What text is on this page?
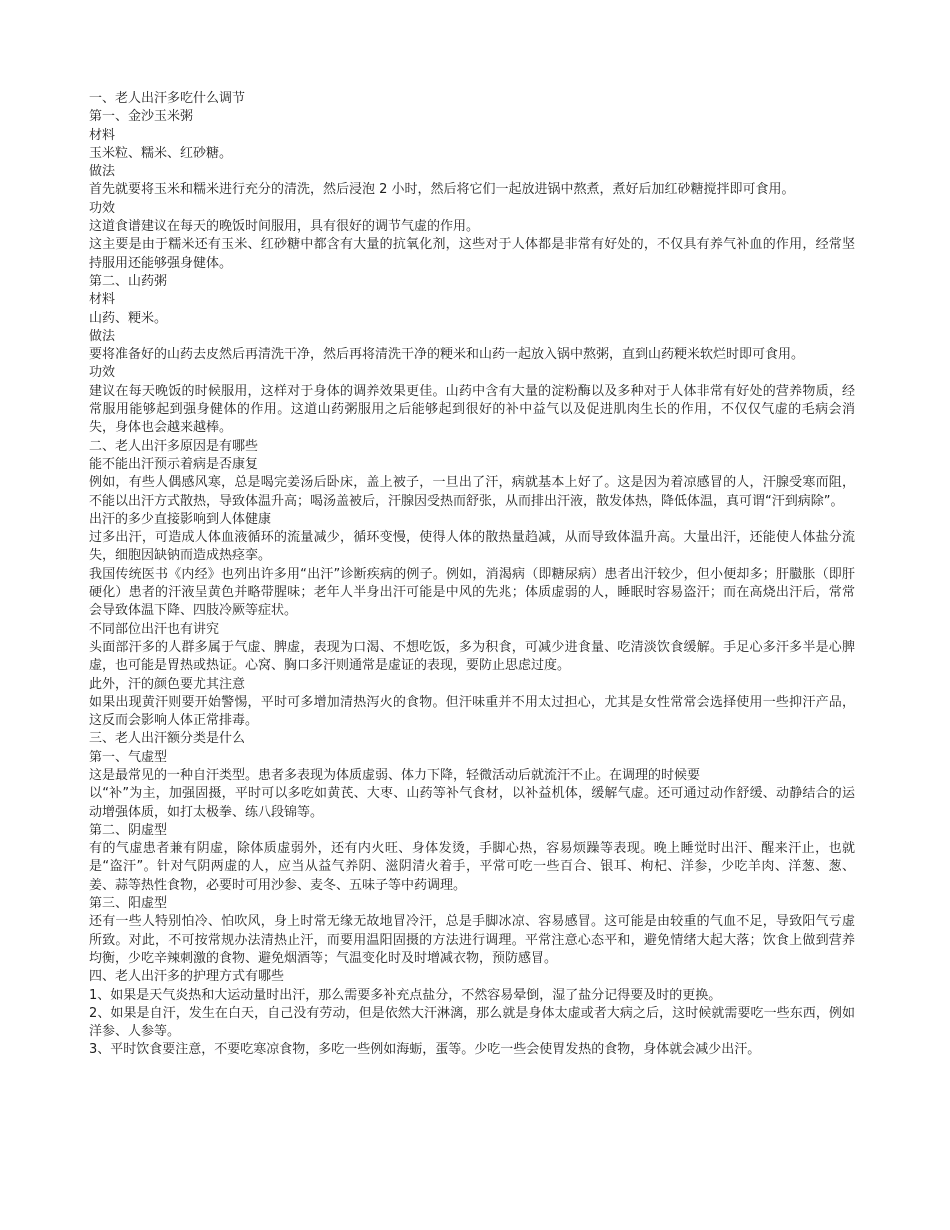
一、老人出汗多吃什么调节

第一、金沙玉米粥

材料

玉米粒、糯米、红砂糖。

做法

首先就要将玉米和糯米进行充分的清洗，然后浸泡 2 小时，然后将它们一起放进锅中熬煮，煮好后加红砂糖搅拌即可食用。

功效

这道食谱建议在每天的晚饭时间服用，具有很好的调节气虚的作用。

这主要是由于糯米还有玉米、红砂糖中都含有大量的抗氧化剂，这些对于人体都是非常有好处的，不仅具有养气补血的作用，经常坚持服用还能够强身健体。

第二、山药粥

材料

山药、粳米。

做法

要将准备好的山药去皮然后再清洗干净，然后再将清洗干净的粳米和山药一起放入锅中熬粥，直到山药粳米软烂时即可食用。

功效

建议在每天晚饭的时候服用，这样对于身体的调养效果更佳。山药中含有大量的淀粉酶以及多种对于人体非常有好处的营养物质，经常服用能够起到强身健体的作用。这道山药粥服用之后能够起到很好的补中益气以及促进肌肉生长的作用，不仅仅气虚的毛病会消失，身体也会越来越棒。

二、老人出汗多原因是有哪些

能不能出汗预示着病是否康复

例如，有些人偶感风寒，总是喝完姜汤后卧床，盖上被子，一旦出了汗，病就基本上好了。这是因为着凉感冒的人，汗腺受寒而阻，不能以出汗方式散热，导致体温升高；喝汤盖被后，汗腺因受热而舒张，从而排出汗液，散发体热，降低体温，真可谓“汗到病除”。

出汗的多少直接影响到人体健康

过多出汗，可造成人体血液循环的流量减少，循环变慢，使得人体的散热量趋减，从而导致体温升高。大量出汗，还能使人体盐分流失，细胞因缺钠而造成热痉挛。

我国传统医书《内经》也列出许多用“出汗”诊断疾病的例子。例如，消渴病（即糖尿病）患者出汗较少，但小便却多；肝臌胀（即肝硬化）患者的汗液呈黄色并略带腥味；老年人半身出汗可能是中风的先兆；体质虚弱的人，睡眠时容易盗汗；而在高烧出汗后，常常会导致体温下降、四肢冷厥等症状。

不同部位出汗也有讲究

头面部汗多的人群多属于气虚、脾虚，表现为口渴、不想吃饭，多为积食，可减少进食量、吃清淡饮食缓解。手足心多汗多半是心脾虚，也可能是胃热或热证。心窝、胸口多汗则通常是虚证的表现，要防止思虑过度。

此外，汗的颜色要尤其注意

如果出现黄汗则要开始警惕，平时可多增加清热泻火的食物。但汗味重并不用太过担心，尤其是女性常常会选择使用一些抑汗产品，这反而会影响人体正常排毒。

三、老人出汗额分类是什么

第一、气虚型

这是最常见的一种自汗类型。患者多表现为体质虚弱、体力下降，轻微活动后就流汗不止。在调理的时候要

以“补”为主，加强固摄，平时可以多吃如黄芪、大枣、山药等补气食材，以补益机体，缓解气虚。还可通过动作舒缓、动静结合的运动增强体质，如打太极拳、练八段锦等。

第二、阴虚型

有的气虚患者兼有阴虚，除体质虚弱外，还有内火旺、身体发烫，手脚心热，容易烦躁等表现。晚上睡觉时出汗、醒来汗止，也就是“盗汗”。针对气阴两虚的人，应当从益气养阴、滋阴清火着手，平常可吃一些百合、银耳、枸杞、洋参，少吃羊肉、洋葱、葱、姜、蒜等热性食物，必要时可用沙参、麦冬、五味子等中药调理。

第三、阳虚型

还有一些人特别怕冷、怕吹风，身上时常无缘无故地冒冷汗，总是手脚冰凉、容易感冒。这可能是由较重的气血不足，导致阳气亏虚所致。对此，不可按常规办法清热止汗，而要用温阳固摄的方法进行调理。平常注意心态平和，避免情绪大起大落；饮食上做到营养均衡，少吃辛辣刺激的食物、避免烟酒等；气温变化时及时增减衣物，预防感冒。

四、老人出汗多的护理方式有哪些

1、如果是天气炎热和大运动量时出汗，那么需要多补充点盐分，不然容易晕倒，湿了盐分记得要及时的更换。

2、如果是自汗，发生在白天，自己没有劳动，但是依然大汗淋漓，那么就是身体太虚或者大病之后，这时候就需要吃一些东西，例如洋参、人参等。

3、平时饮食要注意，不要吃寒凉食物，多吃一些例如海蛎，蛋等。少吃一些会使胃发热的食物，身体就会减少出汗。
